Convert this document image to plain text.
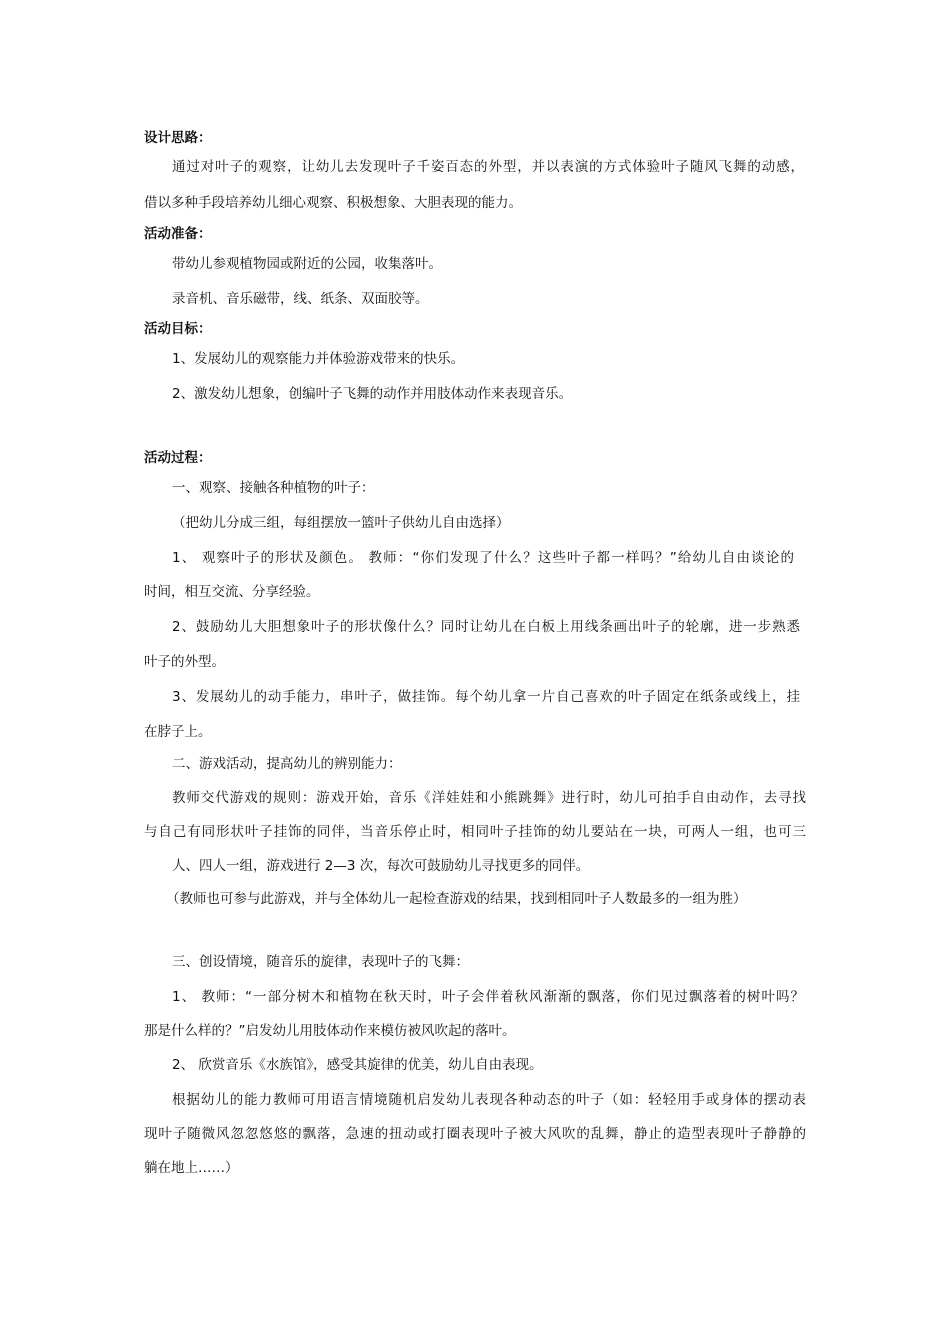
设计思路：
通过对叶子的观察，让幼儿去发现叶子千姿百态的外型，并以表演的方式体验叶子随风飞舞的动感，
借以多种手段培养幼儿细心观察、积极想象、大胆表现的能力。
活动准备：
带幼儿参观植物园或附近的公园，收集落叶。
录音机、音乐磁带，线、纸条、双面胶等。
活动目标：
1、发展幼儿的观察能力并体验游戏带来的快乐。
2、激发幼儿想象，创编叶子飞舞的动作并用肢体动作来表现音乐。
活动过程：
一、观察、接触各种植物的叶子：
（把幼儿分成三组，每组摆放一篮叶子供幼儿自由选择）
1、 观察叶子的形状及颜色。 教师：“你们发现了什么？这些叶子都一样吗？”给幼儿自由谈论的
时间，相互交流、分享经验。
2、鼓励幼儿大胆想象叶子的形状像什么？同时让幼儿在白板上用线条画出叶子的轮廓，进一步熟悉
叶子的外型。
3、发展幼儿的动手能力，串叶子，做挂饰。每个幼儿拿一片自己喜欢的叶子固定在纸条或线上，挂
在脖子上。
二、游戏活动，提高幼儿的辨别能力：
教师交代游戏的规则：游戏开始，音乐《洋娃娃和小熊跳舞》进行时，幼儿可拍手自由动作，去寻找
与自己有同形状叶子挂饰的同伴，当音乐停止时，相同叶子挂饰的幼儿要站在一块，可两人一组，也可三
人、四人一组，游戏进行 2—3 次，每次可鼓励幼儿寻找更多的同伴。
（教师也可参与此游戏，并与全体幼儿一起检查游戏的结果，找到相同叶子人数最多的一组为胜）
三、创设情境，随音乐的旋律，表现叶子的飞舞：
1、 教师：“一部分树木和植物在秋天时，叶子会伴着秋风渐渐的飘落，你们见过飘落着的树叶吗？
那是什么样的？”启发幼儿用肢体动作来模仿被风吹起的落叶。
2、 欣赏音乐《水族馆》，感受其旋律的优美，幼儿自由表现。
根据幼儿的能力教师可用语言情境随机启发幼儿表现各种动态的叶子（如：轻轻用手或身体的摆动表
现叶子随微风忽忽悠悠的飘落，急速的扭动或打圈表现叶子被大风吹的乱舞，静止的造型表现叶子静静的
躺在地上……）
